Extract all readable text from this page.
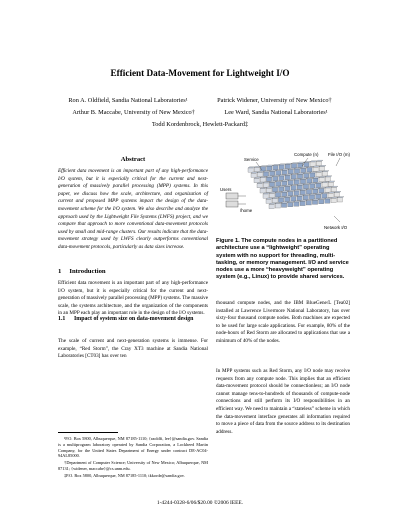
Efficient Data-Movement for Lightweight I/O
Ron A. Oldfield, Sandia National Laboratories¹	Patrick Widener, University of New Mexico†
Arthur B. Maccabe, University of New Mexico†	Lee Ward, Sandia National Laboratories¹
Todd Kordenbrock, Hewlett-Packard‡
Abstract
Efficient data movement is an important part of any high-performance I/O system, but it is especially critical for the current and next-generation of massively parallel processing (MPP) systems. In this paper, we discuss how the scale, architecture, and organization of current and proposed MPP systems impact the design of the data-movement scheme for the I/O system. We also describe and analyze the approach used by the Lightweight File Systems (LWFS) project, and we compare that approach to more conventional data-movement protocols used by small and mid-range clusters. Our results indicate that the data-movement strategy used by LWFS clearly outperforms conventional data-movement protocols, particularly as data sizes increase.
1 Introduction
Efficient data movement is an important part of any high-performance I/O system, but it is especially critical for the current and next-generation of massively parallel processing (MPP) systems. The massive scale, the systems architecture, and the organization of the components in an MPP each play an important role in the design of the I/O systems.
1.1 Impact of system size on data-movement design
The scale of current and next-generation systems is immense. For example, “Red Storm”, the Cray XT3 machine at Sandia National Laboratories [CT03] has over ten

¹P.O. Box 5800, Albuquerque, NM 87185-1110; {raoldfi, lee}@sandia.gov. Sandia is a multiprogram laboratory operated by Sandia Corporation, a Lockheed Martin Company, for the United States Department of Energy under contract DE-AC04-94AL85000.

†Department of Computer Science; University of New Mexico; Albuquerque, NM 87131; {widener, maccabe}@cs.unm.edu.

‡P.O. Box 5800, Albuquerque, NM 87185-1110; tkkorde@sandia.gov.

Compute (n) File I/O (m)
Service
Users
/home
Network I/O
Figure 1. The compute nodes in a partitioned architecture use a “lightweight” operating system with no support for threading, multi-tasking, or memory management. I/O and service nodes use a more “heavyweight” operating system (e.g., Linux) to provide shared services.
thousand compute nodes, and the IBM BlueGene/L [Tea02] installed at Lawrence Livermore National Laboratory, has over sixty-four thousand compute nodes. Both machines are expected to be used for large scale applications. For example, 80% of the node-hours of Red Storm are allocated to applications that use a minimum of 40% of the nodes.
In MPP systems such as Red Storm, any I/O node may receive requests from any compute node. This implies that an efficient data-movement protocol should be connectionless; an I/O node cannot manage tens-to-hundreds of thousands of compute-node connections and still perform its I/O responsibilities in an efficient way. We need to maintain a “stateless” scheme in which the data-movement interface generates all information required to move a piece of data from the source address to its destination address.
1-4244-0328-6/06/$20.00 ©2006 IEEE.
